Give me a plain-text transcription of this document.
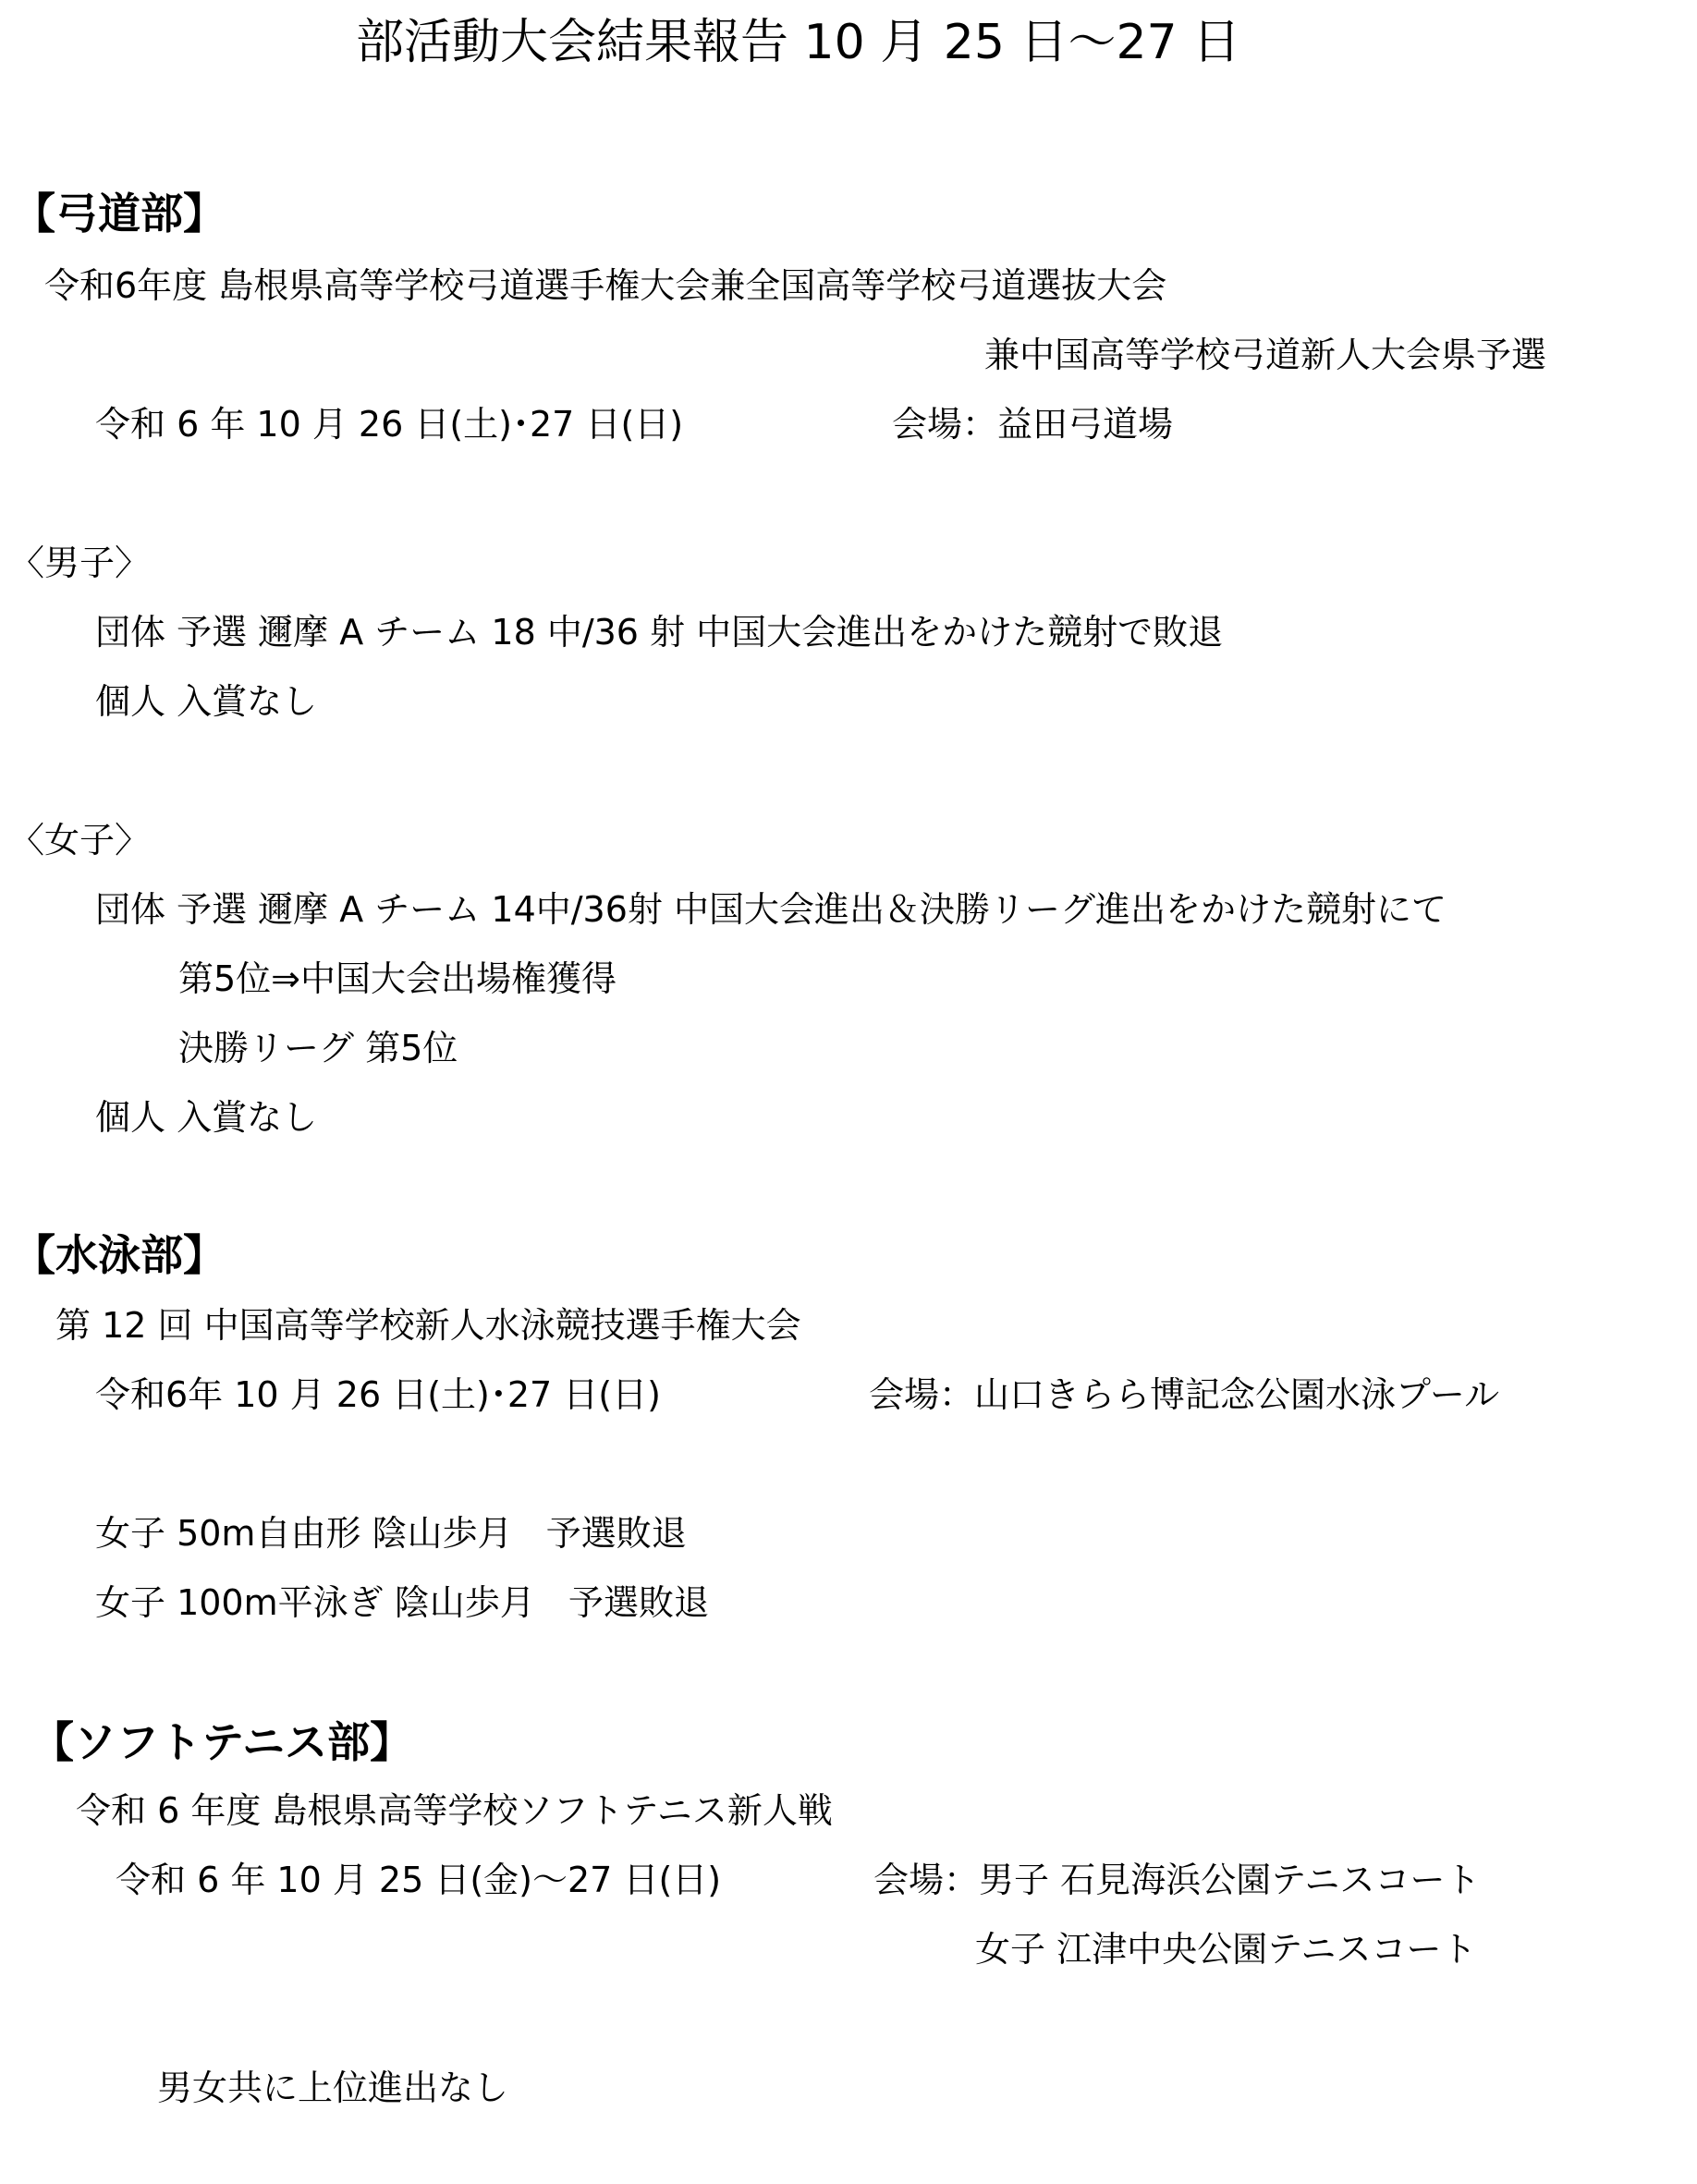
部活動大会結果報告 10 月 25 日～27 日
【弓道部】
令和6年度 島根県高等学校弓道選手権大会兼全国高等学校弓道選抜大会
兼中国高等学校弓道新人大会県予選
令和 6 年 10 月 26 日(土)･27 日(日)	会場：益田弓道場
〈男子〉
団体 予選 邇摩 A チーム 18 中/36 射 中国大会進出をかけた競射で敗退
個人 入賞なし
〈女子〉
団体 予選 邇摩 A チーム 14中/36射 中国大会進出＆決勝リーグ進出をかけた競射にて
第5位⇒中国大会出場権獲得
決勝リーグ 第5位
個人 入賞なし
【水泳部】
第 12 回 中国高等学校新人水泳競技選手権大会
令和6年 10 月 26 日(土)･27 日(日)	会場：山口きらら博記念公園水泳プール
女子 50m自由形 陰山歩月   予選敗退
女子 100m平泳ぎ 陰山歩月   予選敗退
【ソフトテニス部】
令和 6 年度 島根県高等学校ソフトテニス新人戦
令和 6 年 10 月 25 日(金)～27 日(日)	会場：男子 石見海浜公園テニスコート
女子 江津中央公園テニスコート
男女共に上位進出なし
